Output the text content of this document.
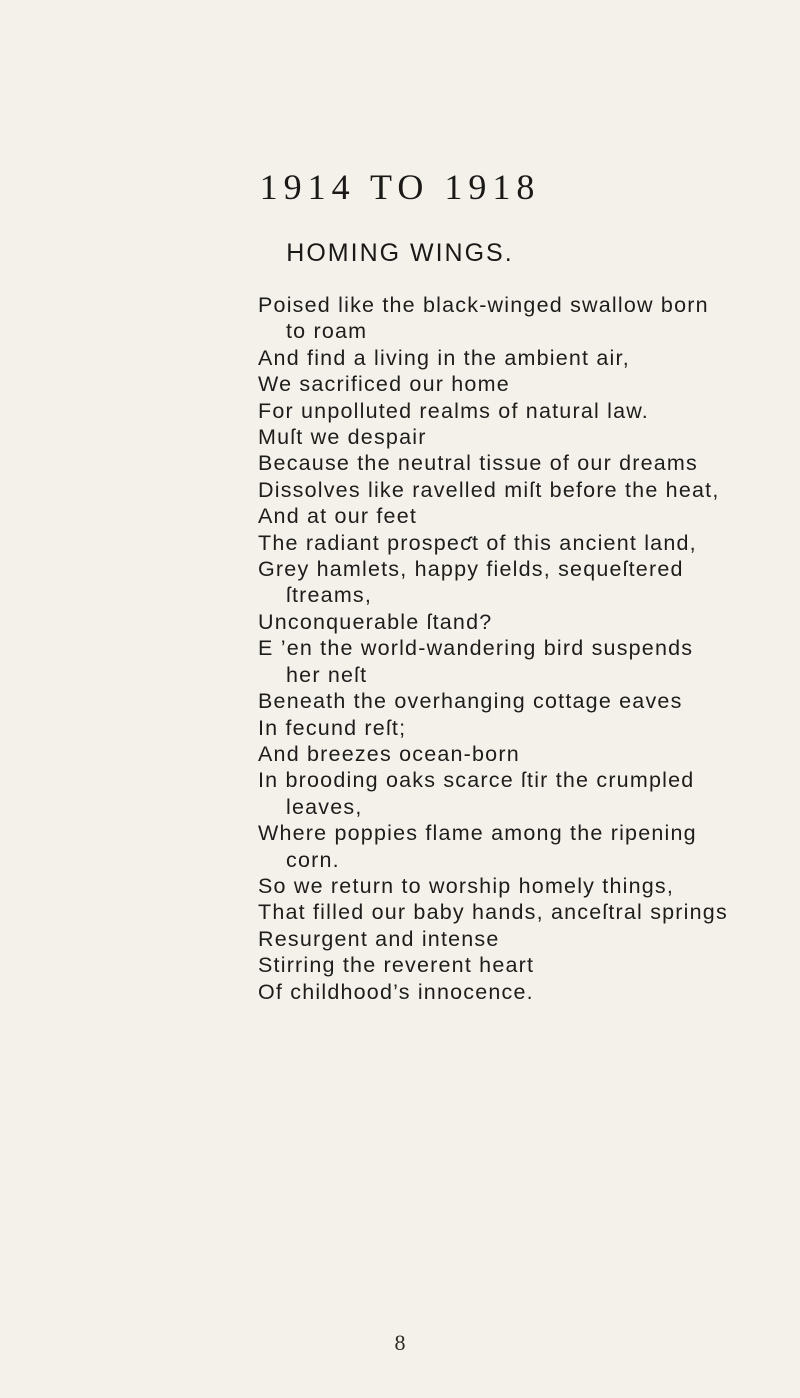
1914 TO 1918
HOMING WINGS.
Poised like the black-winged swallow born
to roam
And find a living in the ambient air,
We sacrificed our home
For unpolluted realms of natural law.
Muſt we despair
Because the neutral tissue of our dreams
Dissolves like ravelled miſt before the heat,
And at our feet
The radiant prospeƈt of this ancient land,
Grey hamlets, happy fields, sequeſtered
ſtreams,
Unconquerable ſtand?
E ’en the world-wandering bird suspends
her neſt
Beneath the overhanging cottage eaves
In fecund reſt;
And breezes ocean-born
In brooding oaks scarce ſtir the crumpled
leaves,
Where poppies flame among the ripening
corn.
So we return to worship homely things,
That filled our baby hands, anceſtral springs
Resurgent and intense
Stirring the reverent heart
Of childhood’s innocence.
8
